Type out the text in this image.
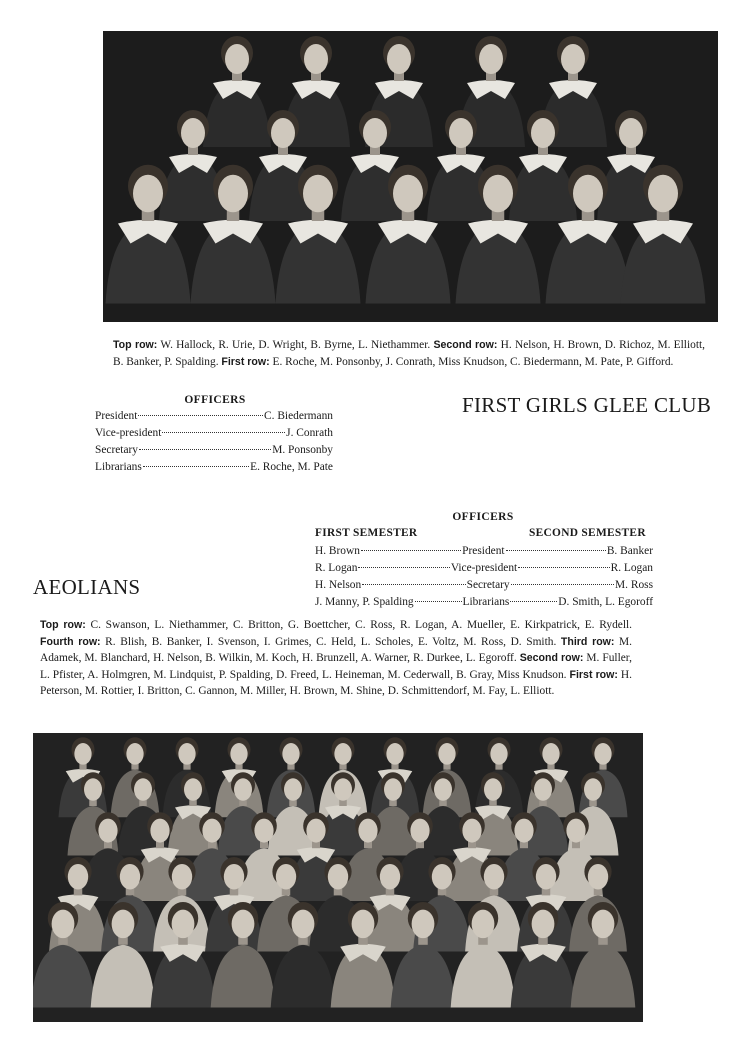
Top row: W. Hallock, R. Urie, D. Wright, B. Byrne, L. Niethammer. Second row: H. Nelson, H. Brown, D. Richoz, M. Elliott, B. Banker, P. Spalding. First row: E. Roche, M. Ponsonby, J. Conrath, Miss Knudson, C. Biedermann, M. Pate, P. Gifford.
OFFICERS
President	C. Biedermann
Vice-president	J. Conrath
Secretary	M. Ponsonby
Librarians	E. Roche, M. Pate
FIRST GIRLS GLEE CLUB
OFFICERS
FIRST SEMESTER	SECOND SEMESTER
H. Brown	President	B. Banker
R. Logan	Vice-president	R. Logan
H. Nelson	Secretary	M. Ross
J. Manny, P. Spalding	Librarians	D. Smith, L. Egoroff
AEOLIANS
Top row: C. Swanson, L. Niethammer, C. Britton, G. Boettcher, C. Ross, R. Logan, A. Mueller, E. Kirkpatrick, E. Rydell. Fourth row: R. Blish, B. Banker, I. Svenson, I. Grimes, C. Held, L. Scholes, E. Voltz, M. Ross, D. Smith. Third row: M. Adamek, M. Blanchard, H. Nelson, B. Wilkin, M. Koch, H. Brunzell, A. Warner, R. Durkee, L. Egoroff. Second row: M. Fuller, L. Pfister, A. Holmgren, M. Lindquist, P. Spalding, D. Freed, L. Heineman, M. Cederwall, B. Gray, Miss Knudson. First row: H. Peterson, M. Rottier, I. Britton, C. Gannon, M. Miller, H. Brown, M. Shine, D. Schmittendorf, M. Fay, L. Elliott.
